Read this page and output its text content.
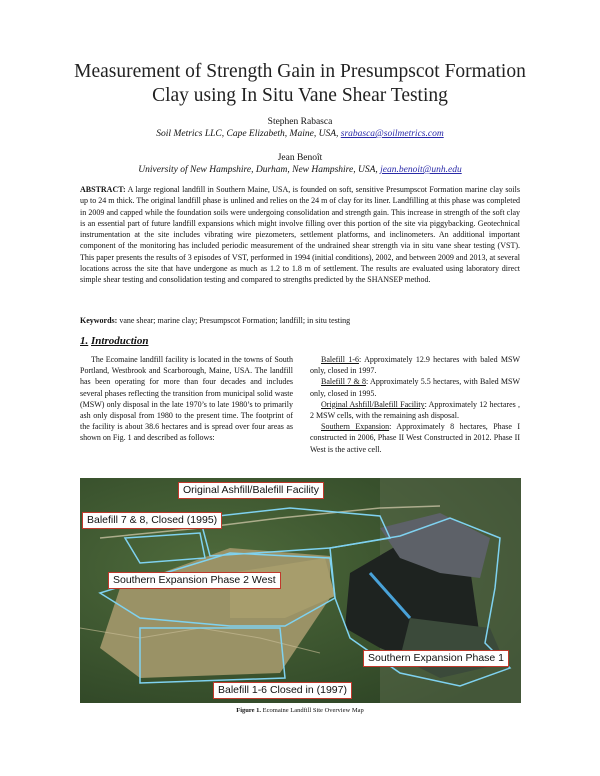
Measurement of Strength Gain in Presumpscot Formation
Clay using In Situ Vane Shear Testing
Stephen Rabasca
Soil Metrics LLC, Cape Elizabeth, Maine, USA, srabasca@soilmetrics.com
Jean Benoît
University of New Hampshire, Durham, New Hampshire, USA, jean.benoit@unh.edu
ABSTRACT: A large regional landfill in Southern Maine, USA, is founded on soft, sensitive Presumpscot Formation marine clay soils up to 24 m thick. The original landfill phase is unlined and relies on the 24 m of clay for its liner. Landfilling at this phase was completed in 2009 and capped while the foundation soils were undergoing consolidation and strength gain. This increase in strength of the soft clay is an essential part of future landfill expansions which might involve filling over this portion of the site via piggybacking. Geotechnical instrumentation at the site includes vibrating wire piezometers, settlement platforms, and inclinometers. An additional important component of the monitoring has included periodic measurement of the undrained shear strength via in situ vane shear testing (VST). This paper presents the results of 3 episodes of VST, performed in 1994 (initial conditions), 2002, and between 2009 and 2013, at several locations across the site that have undergone as much as 1.2 to 1.8 m of settlement. The results are evaluated using laboratory direct simple shear testing and consolidation testing and compared to strengths predicted by the SHANSEP method.
Keywords: vane shear; marine clay; Presumpscot Formation; landfill; in situ testing
1. Introduction

The Ecomaine landfill facility is located in the towns of South Portland, Westbrook and Scarborough, Maine, USA. The landfill has been operating for more than four decades and includes several phases reflecting the transition from municipal solid waste (MSW) only disposal in the late 1970’s to late 1980’s to primarily ash only disposal from 1980 to the present time. The footprint of the facility is about 38.6 hectares and is spread over four areas as shown on Fig. 1 and described as follows:

Balefill 1-6: Approximately 12.9 hectares with baled MSW only, closed in 1997.

Balefill 7 & 8: Approximately 5.5 hectares, with Baled MSW only, closed in 1995.

Original Ashfill/Balefill Facility: Approximately 12 hectares , 2 MSW cells, with the remaining ash disposal.

Southern Expansion: Approximately 8 hectares, Phase I constructed in 2006, Phase II West Constructed in 2012. Phase II West is the active cell.

Original Ashfill/Balefill Facility
Balefill 7 & 8, Closed (1995)
Southern Expansion Phase 2 West
Southern Expansion Phase 1
Balefill 1-6 Closed in (1997)
Figure 1. Ecomaine Landfill Site Overview Map
